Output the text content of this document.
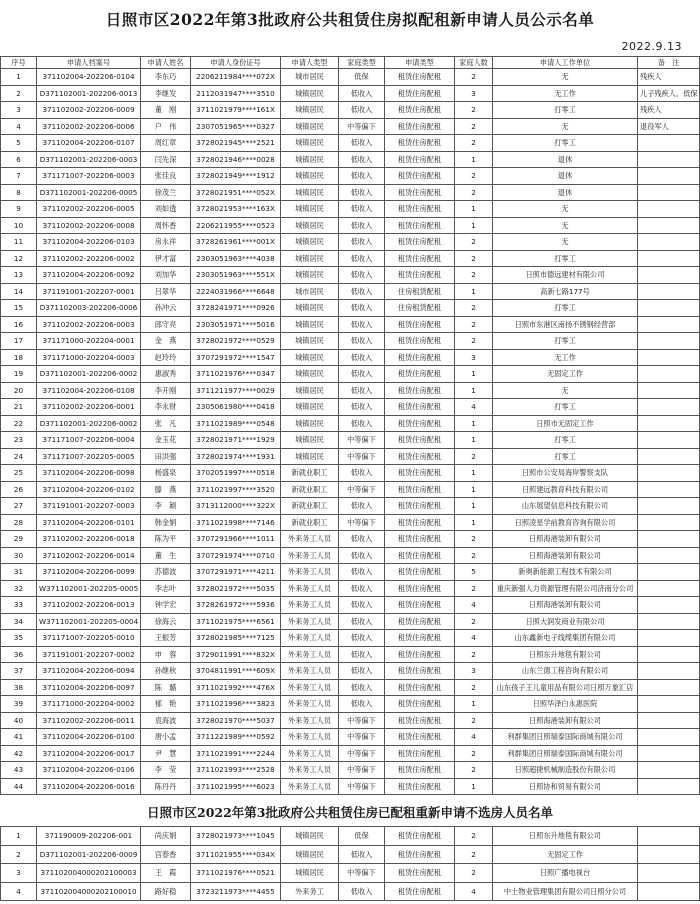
日照市区2022年第3批政府公共租赁住房拟配租新申请人员公示名单
2022.9.13
序号	申请人档案号	申请人姓名	申请人身份证号	申请人类型	家庭类型	申请类型	家庭人数	申请人工作单位	备　注
1	371102004-202206-0104	李东巧	2206211984****072X	城市居民	低保	租赁住房配租	2	无	残疾人
2	D371102001-202206-0013	李继发	2112031947****3510	城镇居民	低收入	租赁住房配租	3	无工作	儿子残疾人、低保
3	371102002-202206-0009	董　刚	3711021979****161X	城镇居民	低收入	租赁住房配租	2	打零工	残疾人
4	371102002-202206-0006	户　伟	2307051965****0327	城镇居民	中等偏下	租赁住房配租	2	无	退役军人
5	371102004-202206-0107	周红章	3728021945****2521	城镇居民	低收入	租赁住房配租	2	打零工	
6	D371102001-202206-0003	闫先深	3728021946****0028	城镇居民	低收入	租赁住房配租	1	退休	
7	371171007-202206-0003	张佳良	3728021949****1912	城镇居民	低收入	租赁住房配租	2	退休	
8	D371102001-202206-0005	徐茂兰	3728021951****052X	城镇居民	低收入	租赁住房配租	2	退休	
9	371102002-202206-0005	刘如透	3728021953****163X	城镇居民	低收入	租赁住房配租	1	无	
10	371102002-202206-0008	周怀香	2206211955****0523	城镇居民	低收入	租赁住房配租	1	无	
11	371102004-202206-0103	房永祥	3728261961****001X	城镇居民	低收入	租赁住房配租	2	无	
12	371102002-202206-0002	伊才富	2303051963****4038	城镇居民	低收入	租赁住房配租	2	打零工	
13	371102004-202206-0092	刘加华	2303051963****551X	城镇居民	低收入	租赁住房配租	2	日照市德远建材有限公司	
14	371191001-202207-0001	吕翠华	2224031966****6648	城市居民	低收入	住房租赁配租	1	高新七路177号	
15	D371102003-202206-0006	孙冲云	3728241971****0926	城镇居民	低收入	住房租赁配租	2	打零工	
16	371102002-202206-0003	郎守亮	2303051971****5016	城镇居民	低收入	租赁住房配租	2	日照市东港区南扬不锈钢经营部	
17	371171000-202204-0001	金　燕	3728021972****0529	城镇居民	低收入	租赁住房配租	2	打零工	
18	371171000-202204-0003	赵玲玲	3707291972****1547	城镇居民	低收入	租赁住房配租	3	无工作	
19	D371102001-202206-0002	惠淑秀	3711021976****0347	城镇居民	低收入	租赁住房配租	1	无固定工作	
20	371102004-202206-0108	李开刚	3711211977****0029	城镇居民	低收入	租赁住房配租	1	无	
21	371102002-202206-0001	李永财	2305061980****0418	城镇居民	低收入	租赁住房配租	4	打零工	
22	D371102001-202206-0002	张　凡	3711021989****0548	城镇居民	低收入	租赁住房配租	1	日照市无固定工作	
23	371171007-202206-0004	金玉花	3728021971****1929	城镇居民	中等偏下	租赁住房配租	1	打零工	
24	371171007-202205-0005	田洪强	3728021974****1931	城镇居民	中等偏下	租赁住房配租	2	打零工	
25	371102004-202206-0098	杨盛泉	3702051997****0518	新就业职工	低收入	租赁住房配租	1	日照市公安局海岸警察支队	
26	371102004-202206-0102	滕　燕	3711021997****3520	新就业职工	中等偏下	租赁住房配租	1	日照建远教育科技有限公司	
27	371191001-202207-0003	李　颖	3713112000****322X	新就业职工	低收入	租赁住房配租	1	山东展望信息科技有限公司	
28	371102004-202206-0101	韩金娟	3711021998****7146	新就业职工	中等偏下	租赁住房配租	1	日照凌星学前教育咨询有限公司	
29	371102002-202206-0018	陈为平	3707291966****1011	外来务工人员	低收入	租赁住房配租	2	日照海港装卸有限公司	
30	371102002-202206-0014	董　生	3707291974****0710	外来务工人员	低收入	租赁住房配租	2	日照海港装卸有限公司	
31	371102004-202206-0099	苏德波	3707291971****4211	外来务工人员	低收入	租赁住房配租	5	新奥新能源工程技术有限公司	
32	W371102001-202205-0005	李志叶	3728021972****5035	外来务工人员	低收入	租赁住房配租	2	重庆新强人力资源管理有限公司济南分公司	
33	371102002-202206-0013	钟学宏	3728261972****5936	外来务工人员	低收入	租赁住房配租	4	日照海港装卸有限公司	
34	W371102001-202205-0004	徐海云	3711021975****6561	外来务工人员	低收入	租赁住房配租	2	日照大润发商业有限公司	
35	371171007-202205-0010	王振芳	3728021985****7125	外来务工人员	低收入	租赁住房配租	4	山东鑫新电子线缆集团有限公司	
36	371191001-202207-0002	申　蓉	3729011991****832X	外来务工人员	低收入	租赁住房配租	2	日照东升地毯有限公司	
37	371102004-202206-0094	孙继秋	3704811991****609X	外来务工人员	低收入	租赁住房配租	3	山东兰德工程咨询有限公司	
38	371102004-202206-0097	陈　璐	3711021992****476X	外来务工人员	低收入	租赁住房配租	2	山东孩子王儿童用品有限公司日照万象汇店	
39	371171000-202204-0002	郁　艳	3711021996****3823	外来务工人员	低收入	租赁住房配租	1	日照华泽白永惠医院	
40	371102002-202206-0011	袁海波	3728021970****5037	外来务工人员	中等偏下	租赁住房配租	2	日照海港装卸有限公司	
41	371102004-202206-0100	唐小孟	3711221989****0592	外来务工人员	中等偏下	租赁住房配租	4	利群集团日照瑞泰国际商城有限公司	
42	371102004-202206-0017	尹　慧	3711021991****2244	外来务工人员	中等偏下	租赁住房配租	2	利群集团日照瑞泰国际商城有限公司	
43	371102004-202206-0106	李　莹	3711021993****2528	外来务工人员	中等偏下	租赁住房配租	2	日照超捷机械制造股份有限公司	
44	371102004-202206-0016	陈丹丹	3711021995****6023	外来务工人员	中等偏下	租赁住房配租	1	日照协和贸易有限公司	
日照市区2022年第3批政府公共租赁住房已配租重新申请不选房人员名单
1	371190009-202206-001	尚庆娟	3728021973****1045	城镇居民	低保	租赁住房配租	2	日照东升地毯有限公司	
2	D371102001-202206-0009	宫春香	3711021955****034X	城镇居民	低收入	租赁住房配租	2	无固定工作	
3	371102004000202100003	王　霞	3711021976****0521	城镇居民	中等偏下	租赁住房配租	2	日照广播电视台	
4	371102004000202100010	路好稳	3723211973****4455	外来务工	低收入	租赁住房配租	4	中土物业管理集团有限公司日照分公司	
